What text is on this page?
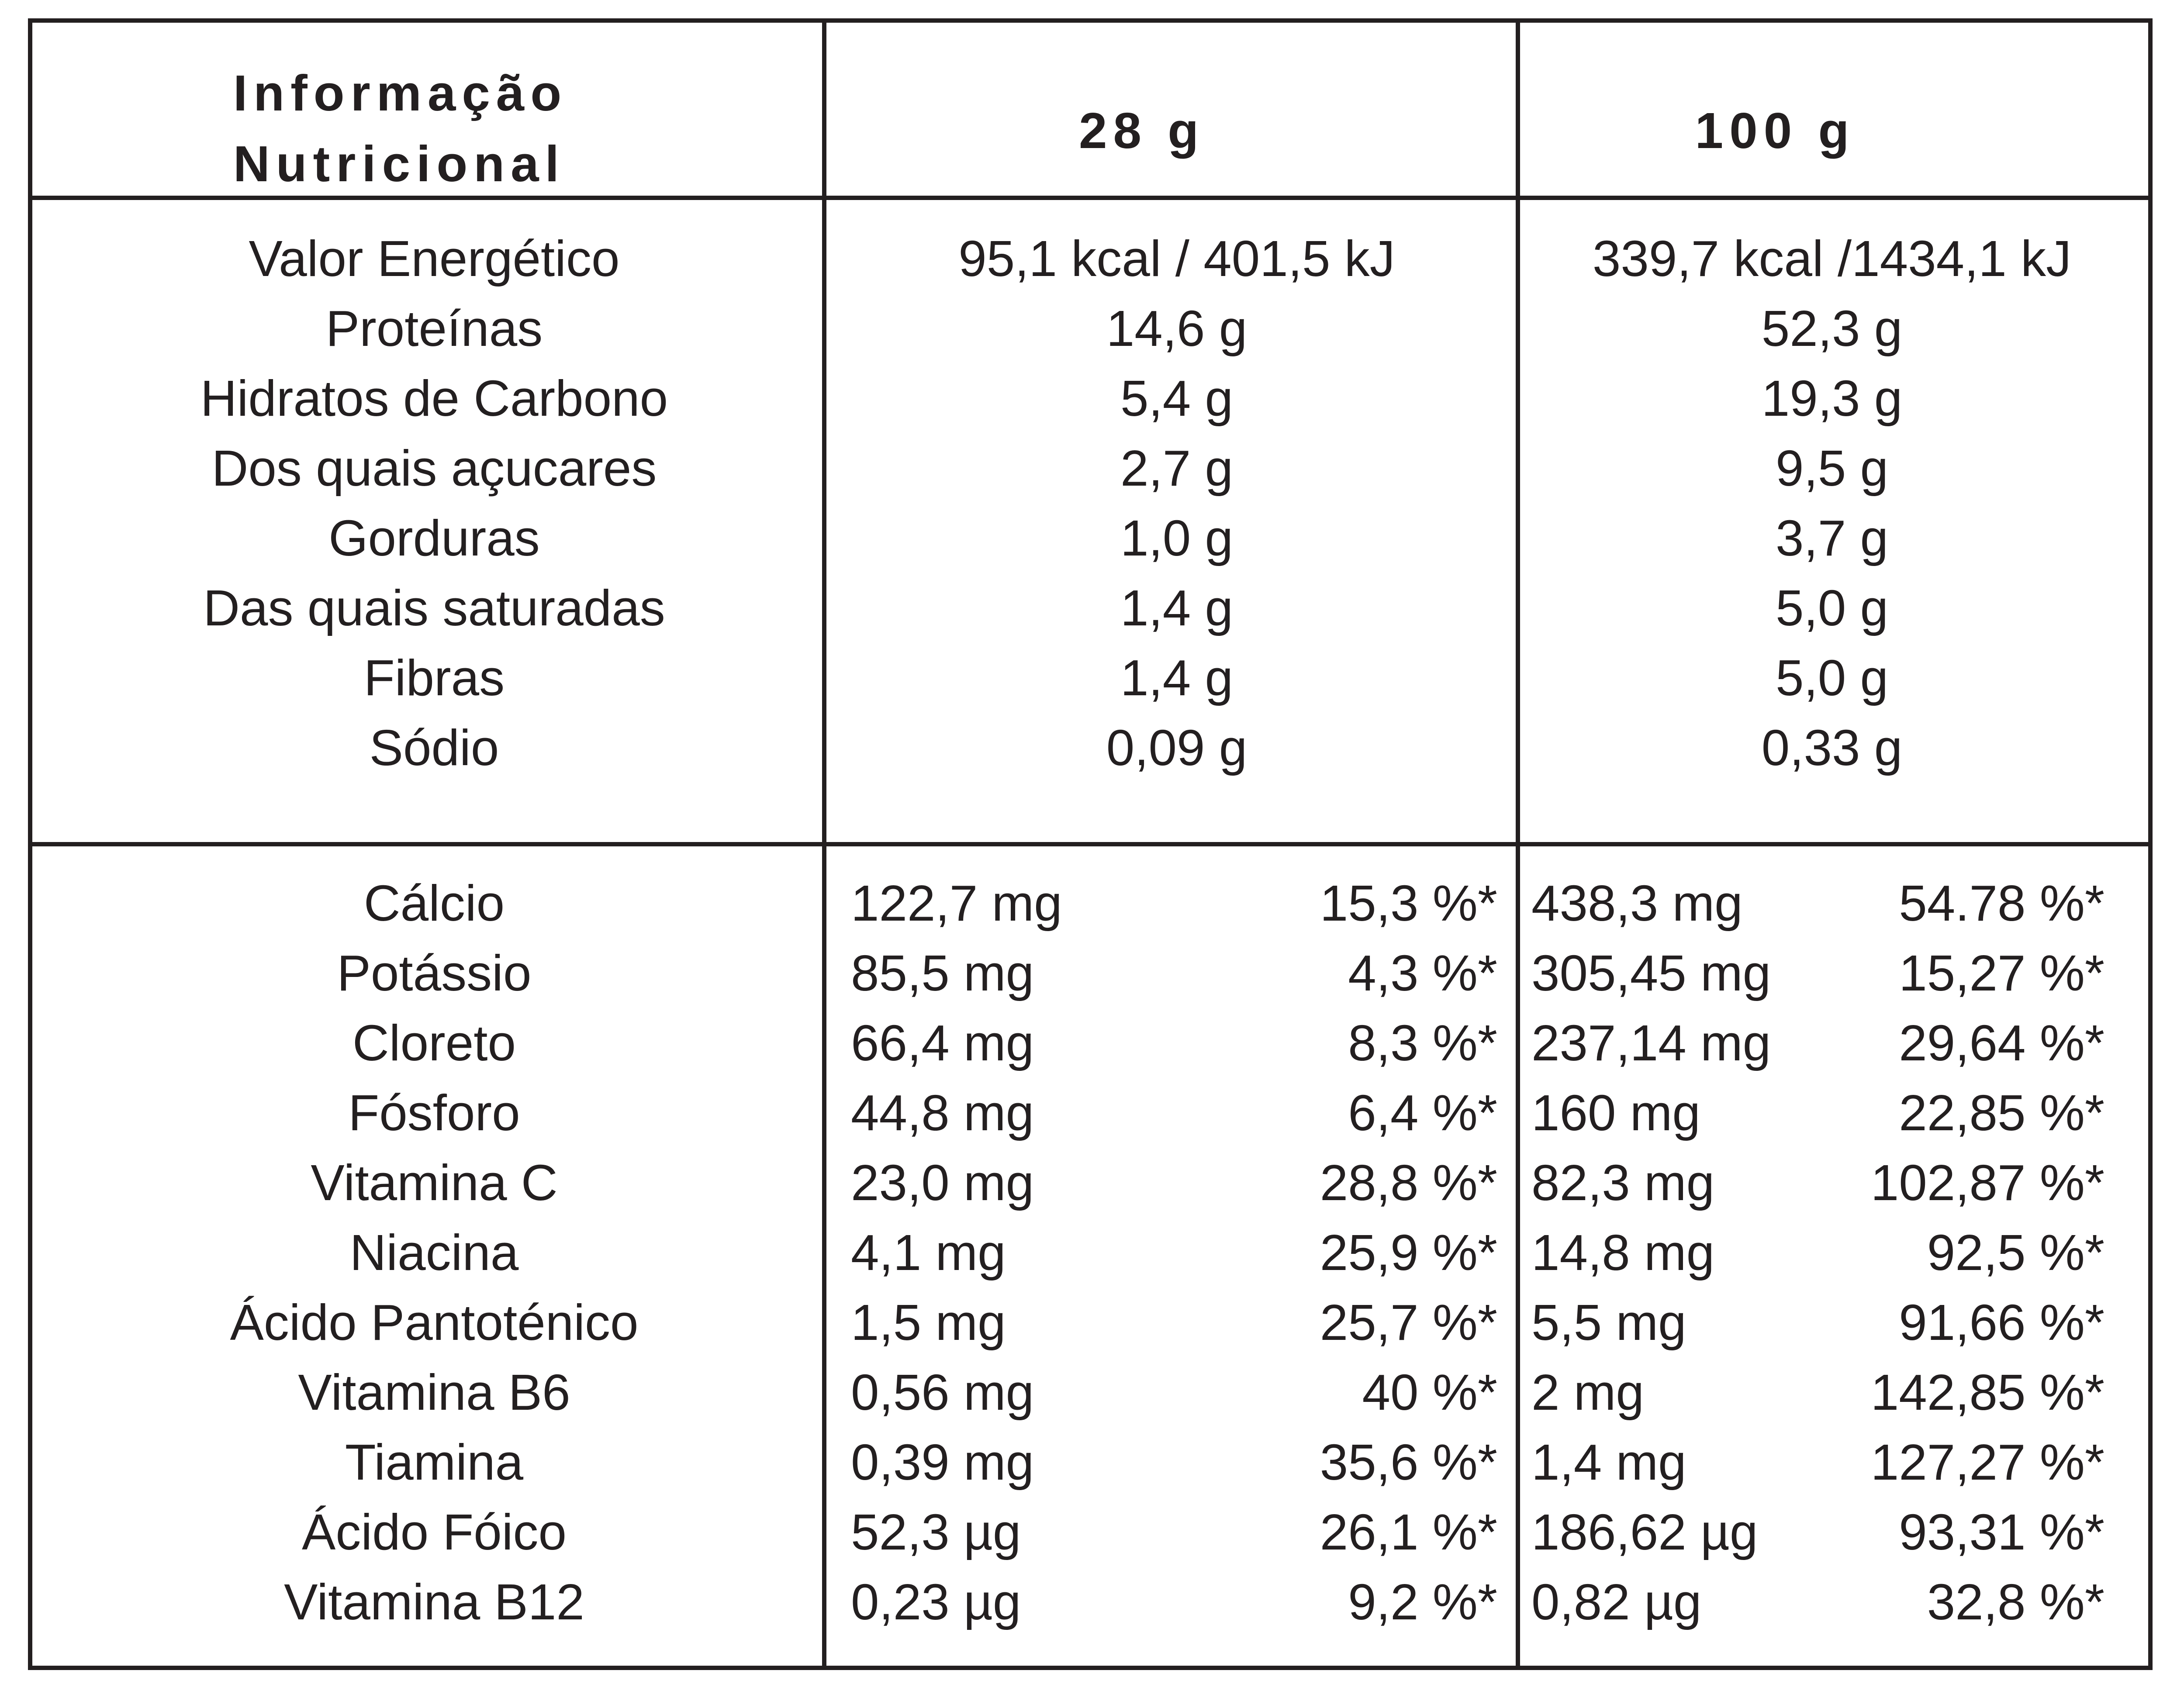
Informação
Nutricional
28 g	100 g
Valor Energético	95,1 kcal / 401,5 kJ	339,7 kcal /1434,1 kJ
Proteínas	14,6 g	52,3 g
Hidratos de Carbono	5,4 g	19,3 g
Dos quais açucares	2,7 g	9,5 g
Gorduras	1,0 g	3,7 g
Das quais saturadas	1,4 g	5,0 g
Fibras	1,4 g	5,0 g
Sódio	0,09 g	0,33 g
Cálcio	122,7 mg	15,3 %* 438,3 mg	54.78 %*
Potássio	85,5 mg	4,3 %* 305,45 mg	15,27 %*
Cloreto	66,4 mg	8,3 %* 237,14 mg	29,64 %*
Fósforo	44,8 mg	6,4 %* 160 mg	22,85 %*
Vitamina C	23,0 mg	28,8 %* 82,3 mg	102,87 %*
Niacina	4,1 mg	25,9 %* 14,8 mg	92,5 %*
Ácido Pantoténico	1,5 mg	25,7 %* 5,5 mg	91,66 %*
Vitamina B6	0,56 mg	40 %* 2 mg	142,85 %*
Tiamina	0,39 mg	35,6 %* 1,4 mg	127,27 %*
Ácido Fóico	52,3 µg	26,1 %* 186,62 µg	93,31 %*
Vitamina B12	0,23 µg	9,2 %* 0,82 µg	32,8 %*
